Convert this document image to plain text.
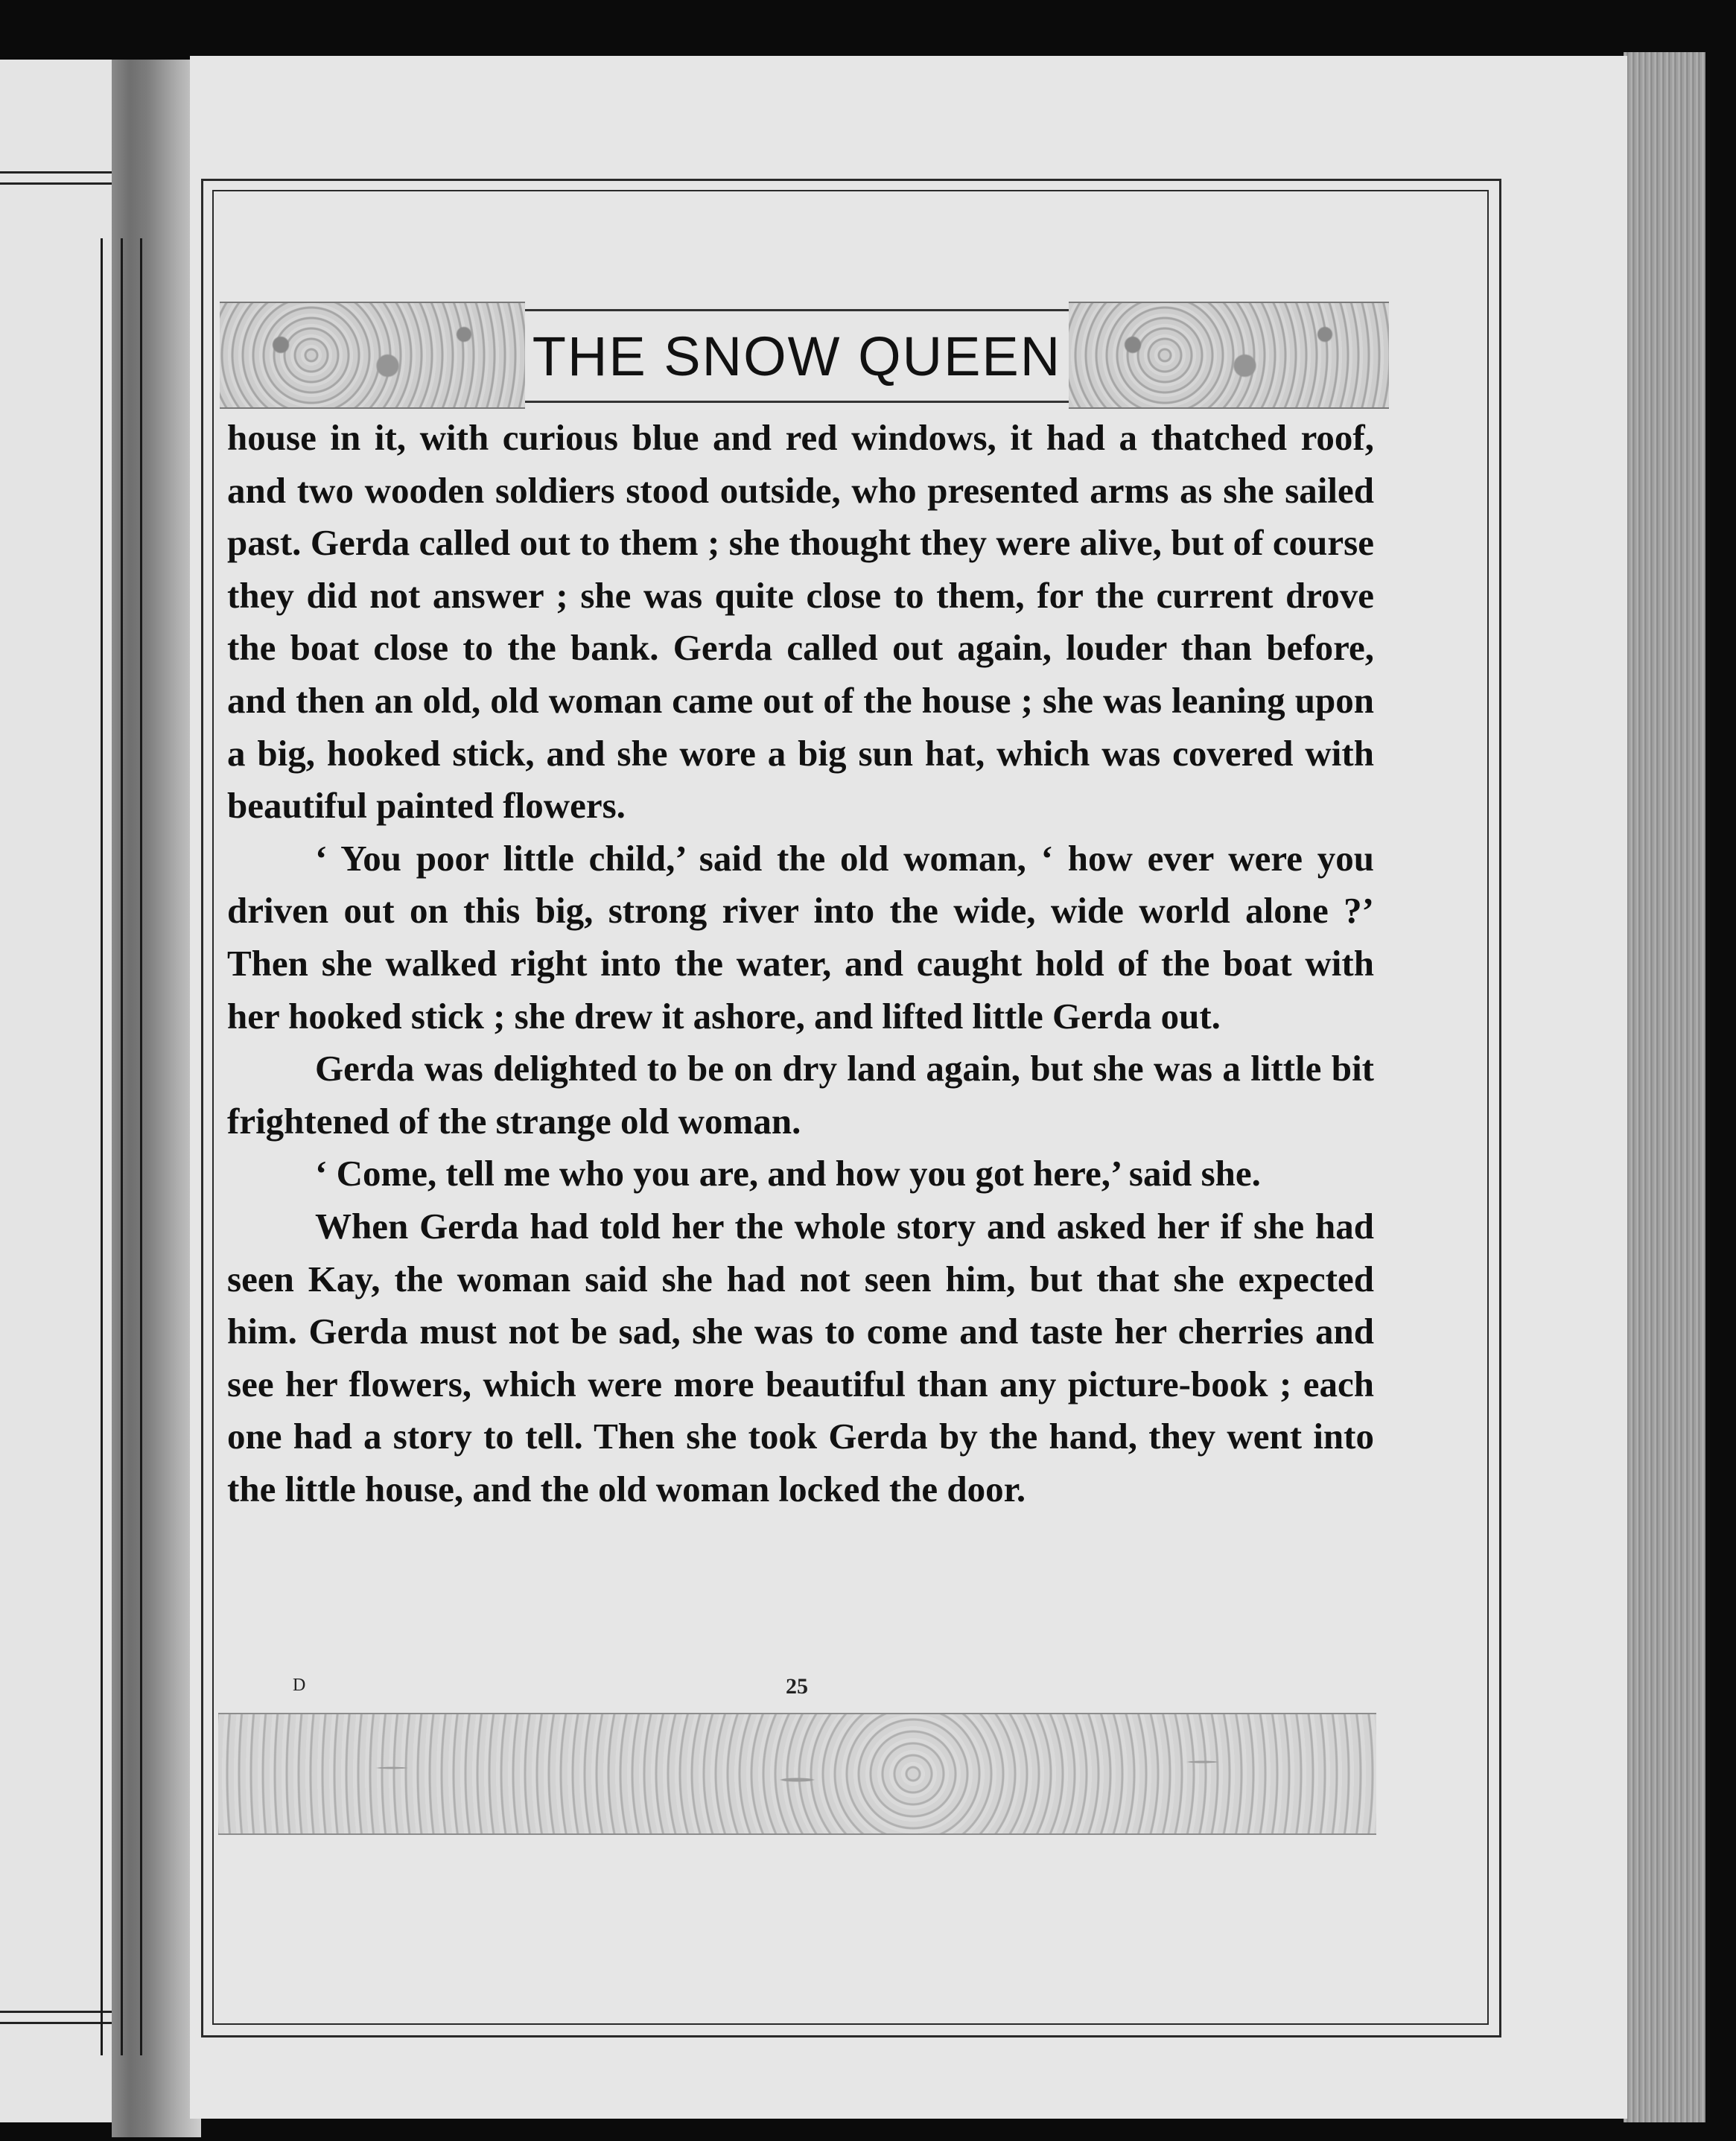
THE SNOW QUEEN

house in it, with curious blue and red windows, it had a thatched roof, and two wooden soldiers stood outside, who presented arms as she sailed past. Gerda called out to them ; she thought they were alive, but of course they did not answer ; she was quite close to them, for the current drove the boat close to the bank. Gerda called out again, louder than before, and then an old, old woman came out of the house ; she was leaning upon a big, hooked stick, and she wore a big sun hat, which was covered with beautiful painted flowers.

‘ You poor little child,’ said the old woman, ‘ how ever were you driven out on this big, strong river into the wide, wide world alone ?’ Then she walked right into the water, and caught hold of the boat with her hooked stick ; she drew it ashore, and lifted little Gerda out.

Gerda was delighted to be on dry land again, but she was a little bit frightened of the strange old woman.

‘ Come, tell me who you are, and how you got here,’ said she.

When Gerda had told her the whole story and asked her if she had seen Kay, the woman said she had not seen him, but that she expected him. Gerda must not be sad, she was to come and taste her cherries and see her flowers, which were more beautiful than any picture-book ; each one had a story to tell. Then she took Gerda by the hand, they went into the little house, and the old woman locked the door.

D	25
